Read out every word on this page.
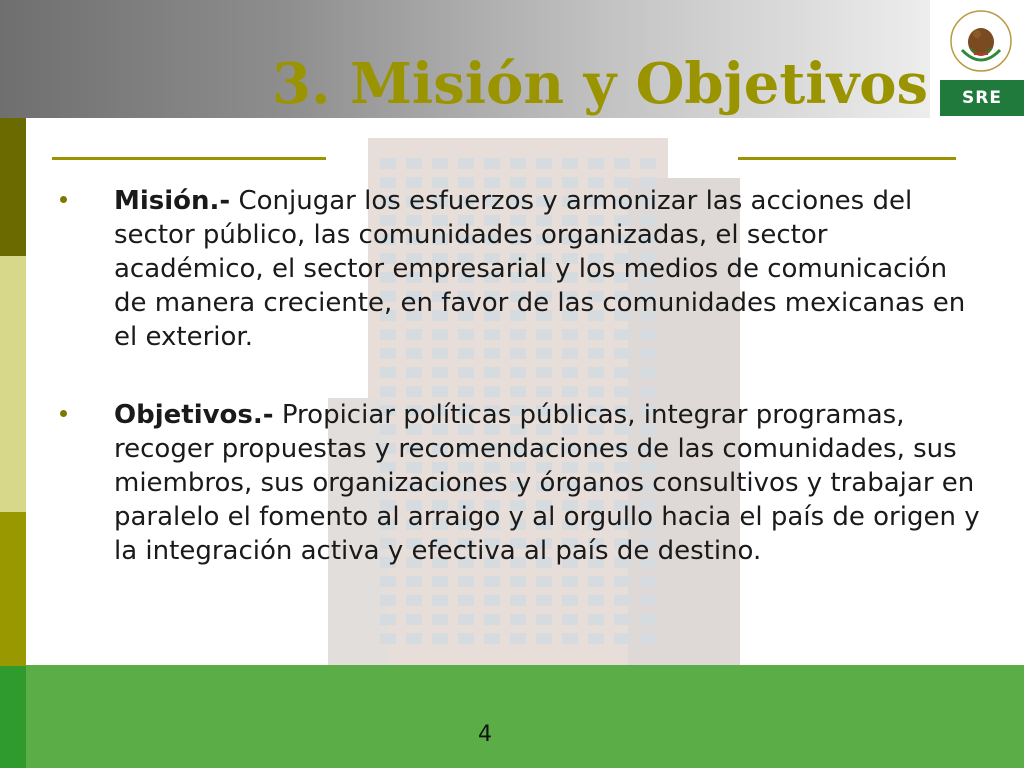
3. Misión y Objetivos	SRE
Misión.- Conjugar los esfuerzos y armonizar las acciones del sector público, las comunidades organizadas, el sector académico, el sector empresarial y los medios de comunicación de manera creciente, en favor de las comunidades mexicanas en el exterior.
Objetivos.- Propiciar políticas públicas, integrar programas, recoger propuestas y recomendaciones de las comunidades, sus miembros, sus organizaciones y órganos consultivos y trabajar en paralelo el fomento al arraigo y al orgullo hacia el país de origen y la integración activa y efectiva al país de destino.
4
